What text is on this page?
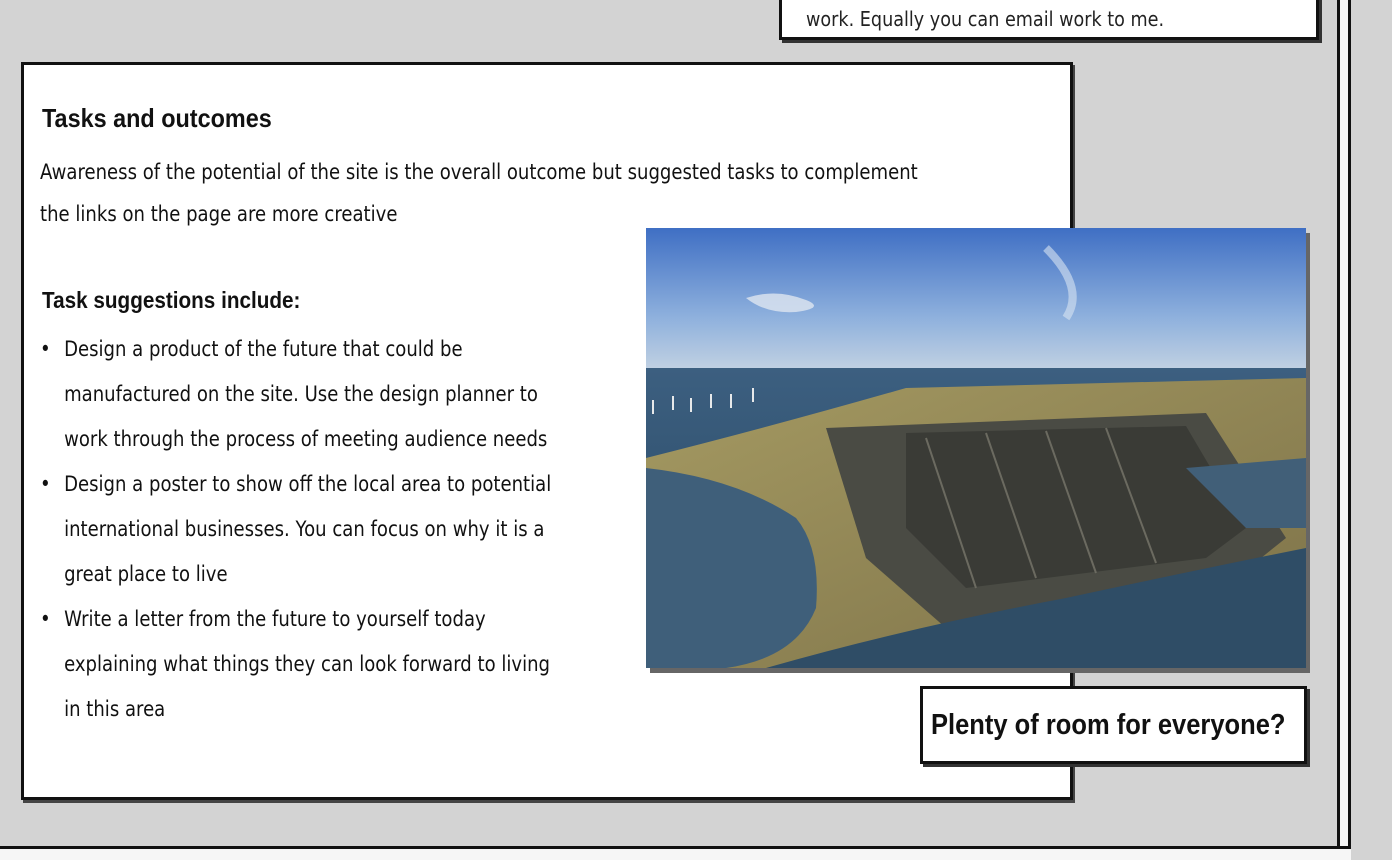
work. Equally you can email work to me.
Tasks and outcomes
Awareness of the potential of the site is the overall outcome but suggested tasks to complement
the links on the page are more creative
Task suggestions include:
• Design a product of the future that could be
manufactured on the site. Use the design planner to
work through the process of meeting audience needs
• Design a poster to show off the local area to potential
international businesses. You can focus on why it is a
great place to live
• Write a letter from the future to yourself today
explaining what things they can look forward to living
in this area	Plenty of room for everyone?
